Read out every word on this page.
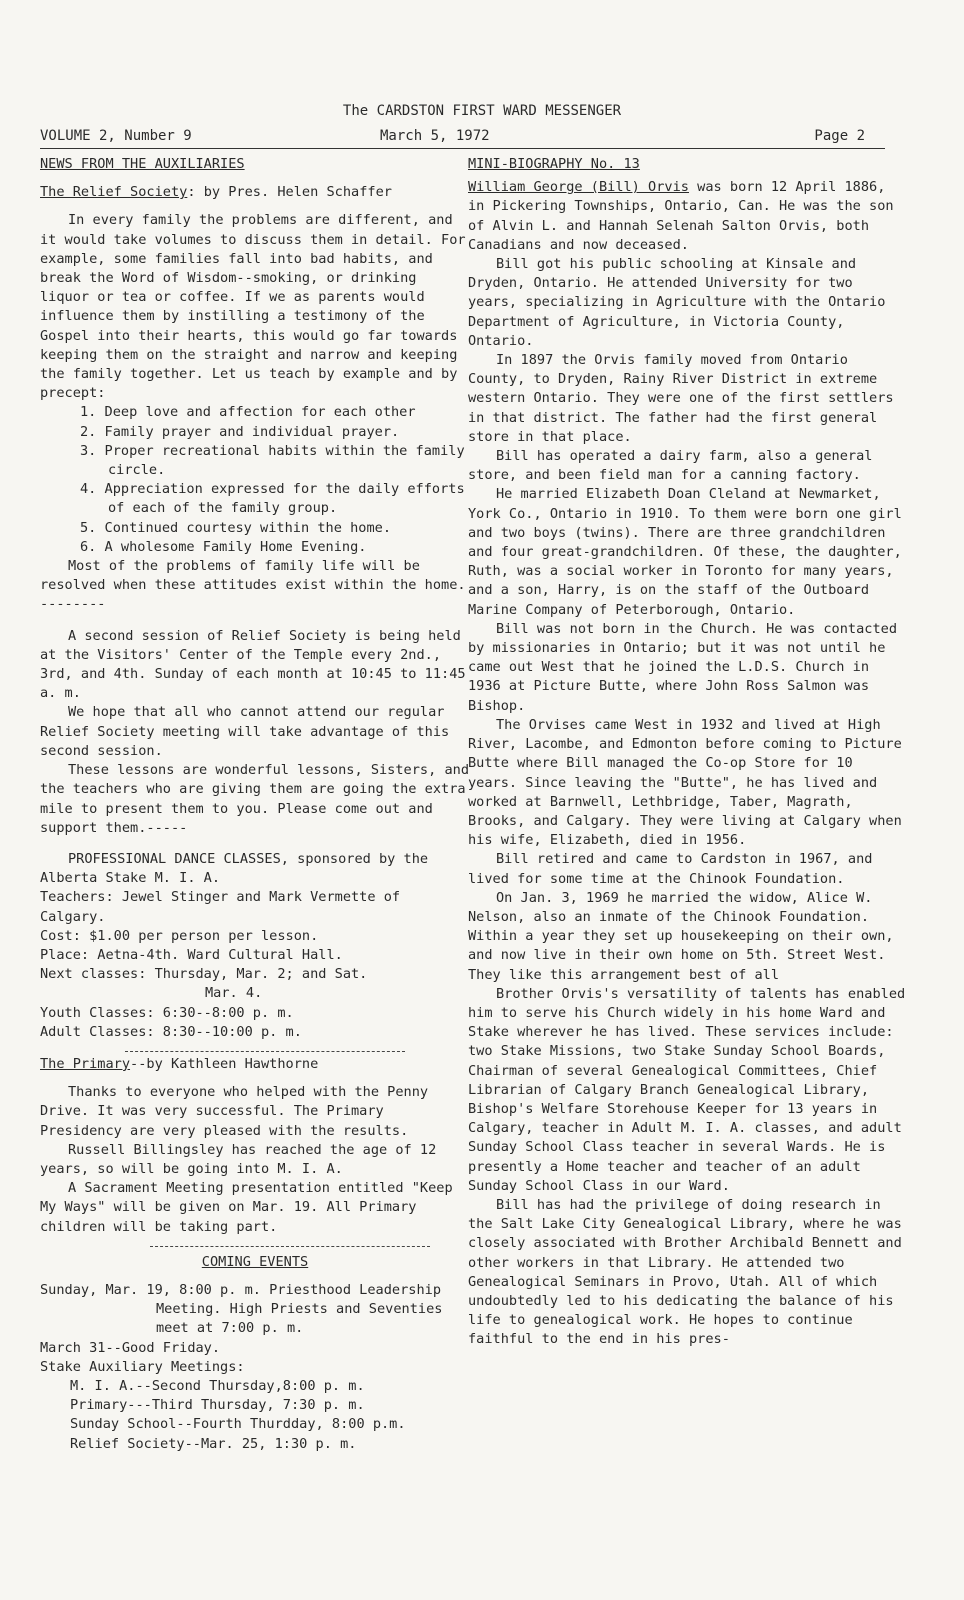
The CARDSTON FIRST WARD MESSENGER
VOLUME 2, Number 9	March 5, 1972	Page 2

NEWS FROM THE AUXILIARIES

The Relief Society: by Pres. Helen Schaffer

In every family the problems are different, and it would take volumes to discuss them in detail. For example, some families fall into bad habits, and break the Word of Wisdom--smoking, or drinking liquor or tea or coffee. If we as parents would influence them by instilling a testimony of the Gospel into their hearts, this would go far towards keeping them on the straight and narrow and keeping the family together. Let us teach by example and by precept:

1. Deep love and affection for each other

2. Family prayer and individual prayer.

3. Proper recreational habits within the family circle.

4. Appreciation expressed for the daily efforts of each of the family group.

5. Continued courtesy within the home.

6. A wholesome Family Home Evening.

Most of the problems of family life will be resolved when these attitudes exist within the home. --------

A second session of Relief Society is being held at the Visitors' Center of the Temple every 2nd., 3rd, and 4th. Sunday of each month at 10:45 to 11:45 a. m.

We hope that all who cannot attend our regular Relief Society meeting will take advantage of this second session.

These lessons are wonderful lessons, Sisters, and the teachers who are giving them are going the extra mile to present them to you. Please come out and support them.-----

PROFESSIONAL DANCE CLASSES, sponsored by the Alberta Stake M. I. A.

Teachers: Jewel Stinger and Mark Vermette of Calgary.

Cost: $1.00 per person per lesson.

Place: Aetna-4th. Ward Cultural Hall.

Next classes: Thursday, Mar. 2; and Sat.

Mar. 4.

Youth Classes: 6:30--8:00 p. m.

Adult Classes: 8:30--10:00 p. m.

The Primary--by Kathleen Hawthorne

Thanks to everyone who helped with the Penny Drive. It was very successful. The Primary Presidency are very pleased with the results.

Russell Billingsley has reached the age of 12 years, so will be going into M. I. A.

A Sacrament Meeting presentation entitled "Keep My Ways" will be given on Mar. 19. All Primary children will be taking part.

COMING EVENTS

Sunday, Mar. 19, 8:00 p. m. Priesthood Leadership Meeting. High Priests and Seventies meet at 7:00 p. m.

March 31--Good Friday.

Stake Auxiliary Meetings:

M. I. A.--Second Thursday,8:00 p. m.

Primary---Third Thursday, 7:30 p. m.

Sunday School--Fourth Thurdday, 8:00 p.m.

Relief Society--Mar. 25, 1:30 p. m.

MINI-BIOGRAPHY No. 13

William George (Bill) Orvis was born 12 April 1886, in Pickering Townships, Ontario, Can. He was the son of Alvin L. and Hannah Selenah Salton Orvis, both Canadians and now deceased.

Bill got his public schooling at Kinsale and Dryden, Ontario. He attended University for two years, specializing in Agriculture with the Ontario Department of Agriculture, in Victoria County, Ontario.

In 1897 the Orvis family moved from Ontario County, to Dryden, Rainy River District in extreme western Ontario. They were one of the first settlers in that district. The father had the first general store in that place.

Bill has operated a dairy farm, also a general store, and been field man for a canning factory.

He married Elizabeth Doan Cleland at Newmarket, York Co., Ontario in 1910. To them were born one girl and two boys (twins). There are three grandchildren and four great-grandchildren. Of these, the daughter, Ruth, was a social worker in Toronto for many years, and a son, Harry, is on the staff of the Outboard Marine Company of Peterborough, Ontario.

Bill was not born in the Church. He was contacted by missionaries in Ontario; but it was not until he came out West that he joined the L.D.S. Church in 1936 at Picture Butte, where John Ross Salmon was Bishop.

The Orvises came West in 1932 and lived at High River, Lacombe, and Edmonton before coming to Picture Butte where Bill managed the Co-op Store for 10 years. Since leaving the "Butte", he has lived and worked at Barnwell, Lethbridge, Taber, Magrath, Brooks, and Calgary. They were living at Calgary when his wife, Elizabeth, died in 1956.

Bill retired and came to Cardston in 1967, and lived for some time at the Chinook Foundation.

On Jan. 3, 1969 he married the widow, Alice W. Nelson, also an inmate of the Chinook Foundation. Within a year they set up housekeeping on their own, and now live in their own home on 5th. Street West. They like this arrangement best of all

Brother Orvis's versatility of talents has enabled him to serve his Church widely in his home Ward and Stake wherever he has lived. These services include: two Stake Missions, two Stake Sunday School Boards, Chairman of several Genealogical Committees, Chief Librarian of Calgary Branch Genealogical Library, Bishop's Welfare Storehouse Keeper for 13 years in Calgary, teacher in Adult M. I. A. classes, and adult Sunday School Class teacher in several Wards. He is presently a Home teacher and teacher of an adult Sunday School Class in our Ward.

Bill has had the privilege of doing research in the Salt Lake City Genealogical Library, where he was closely associated with Brother Archibald Bennett and other workers in that Library. He attended two Genealogical Seminars in Provo, Utah. All of which undoubtedly led to his dedicating the balance of his life to genealogical work. He hopes to continue faithful to the end in his pres-
